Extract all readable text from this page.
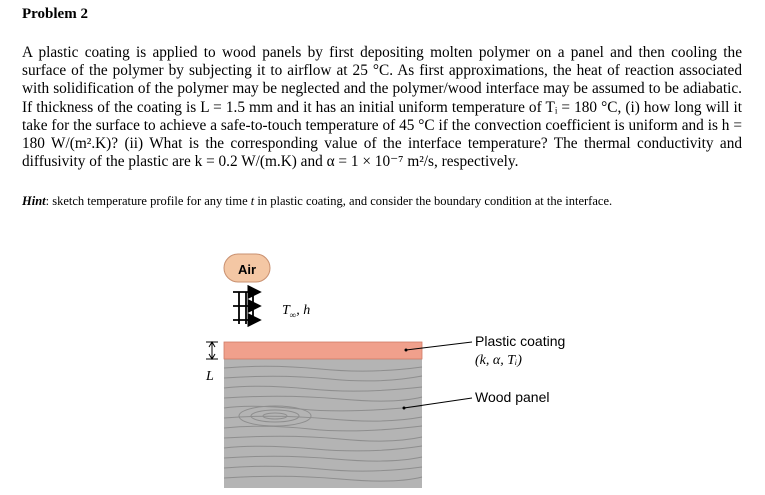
Problem 2

A plastic coating is applied to wood panels by first depositing molten polymer on a panel and then cooling the surface of the polymer by subjecting it to airflow at 25 °C. As first approximations, the heat of reaction associated with solidification of the polymer may be neglected and the polymer/wood interface may be assumed to be adiabatic. If thickness of the coating is L = 1.5 mm and it has an initial uniform temperature of Tᵢ = 180 °C, (i) how long will it take for the surface to achieve a safe-to-touch temperature of 45 °C if the convection coefficient is uniform and is h = 180 W/(m².K)? (ii) What is the corresponding value of the interface temperature? The thermal conductivity and diffusivity of the plastic are k = 0.2 W/(m.K) and α = 1 × 10⁻⁷ m²/s, respectively.

Hint: sketch temperature profile for any time t in plastic coating, and consider the boundary condition at the interface.
Air
$T_\infty$, h
L
Plastic coating
(k, α, Tᵢ)
Wood panel
